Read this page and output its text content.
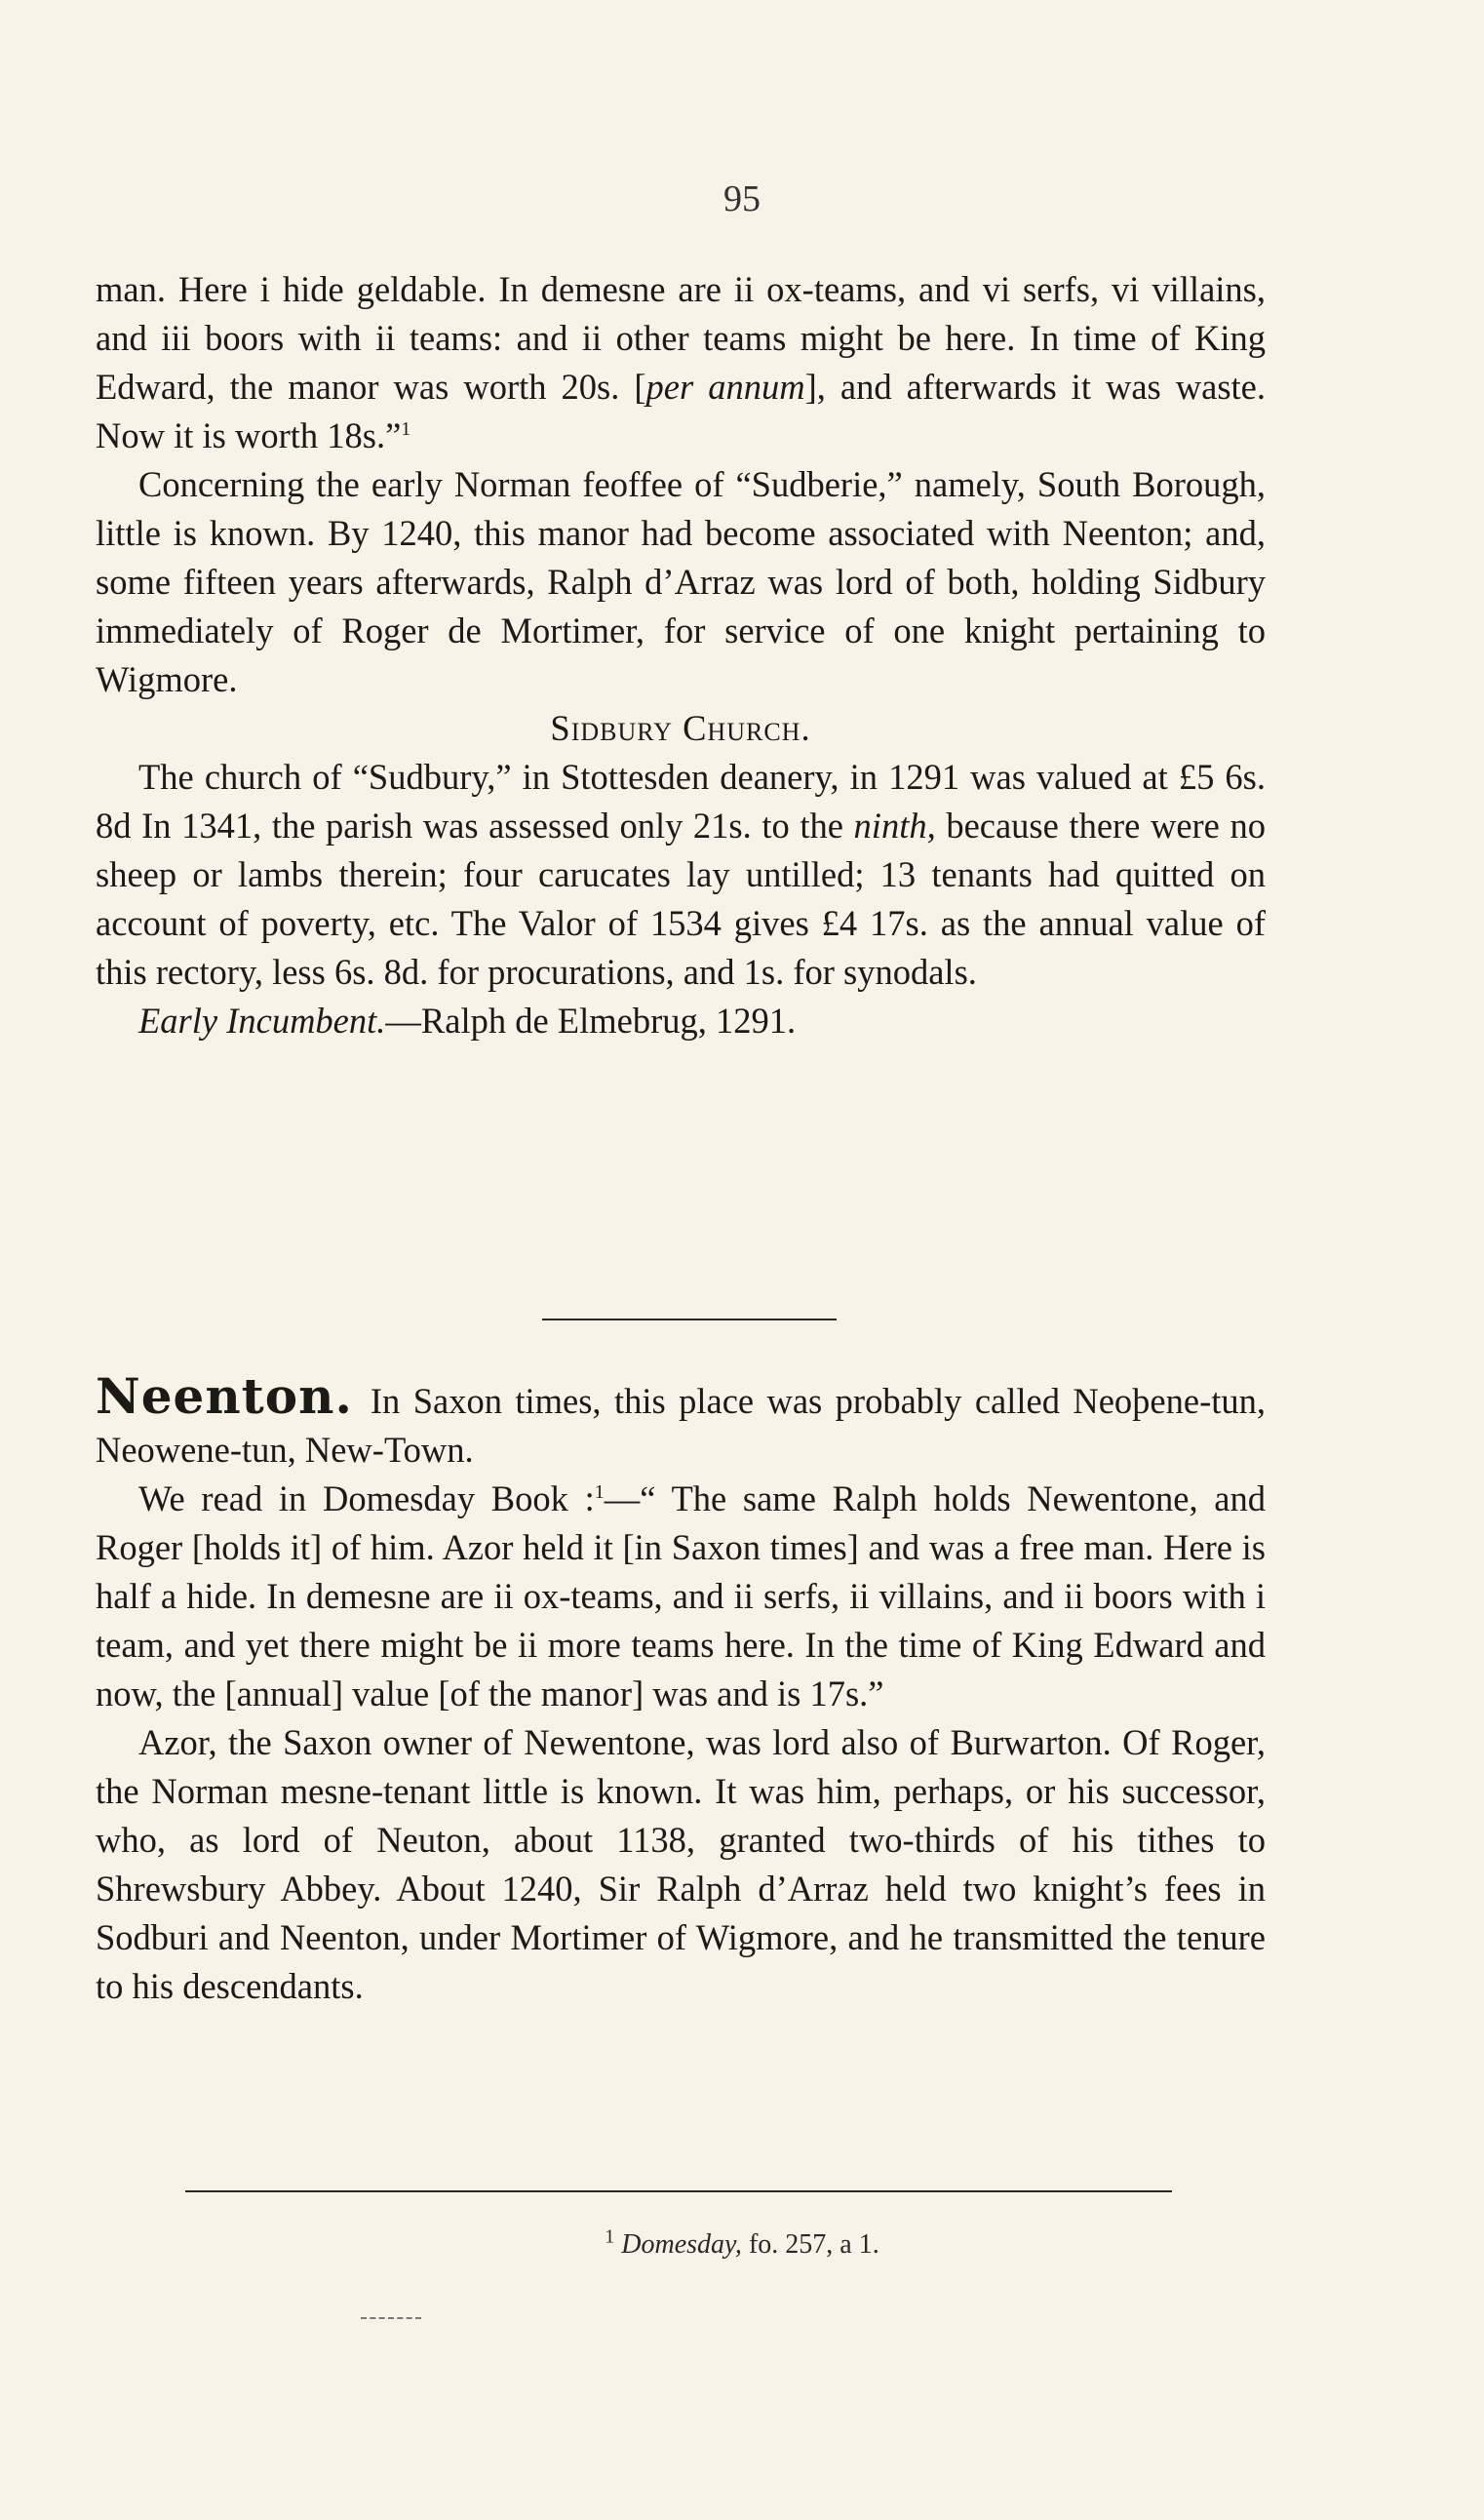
95

man. Here i hide geldable. In demesne are ii ox-teams, and vi serfs, vi villains, and iii boors with ii teams: and ii other teams might be here. In time of King Edward, the manor was worth 20s. [per annum], and afterwards it was waste. Now it is worth 18s.”$^1$

Concerning the early Norman feoffee of “Sudberie,” namely, South Borough, little is known. By 1240, this manor had become associated with Neenton; and, some fifteen years afterwards, Ralph d’Arraz was lord of both, holding Sidbury immediately of Roger de Mortimer, for service of one knight pertaining to Wigmore.

Sidbury Church.

The church of “Sudbury,” in Stottesden deanery, in 1291 was valued at £5 6s. 8d In 1341, the parish was assessed only 21s. to the ninth, because there were no sheep or lambs therein; four carucates lay untilled; 13 tenants had quitted on account of poverty, etc. The Valor of 1534 gives £4 17s. as the annual value of this rectory, less 6s. 8d. for procurations, and 1s. for synodals.

Early Incumbent.—Ralph de Elmebrug, 1291.

Neenton. In Saxon times, this place was probably called Neoþene-tun, Neowene-tun, New-Town.

We read in Domesday Book :$^1$—“ The same Ralph holds Newentone, and Roger [holds it] of him. Azor held it [in Saxon times] and was a free man. Here is half a hide. In demesne are ii ox-teams, and ii serfs, ii villains, and ii boors with i team, and yet there might be ii more teams here. In the time of King Edward and now, the [annual] value [of the manor] was and is 17s.”

Azor, the Saxon owner of Newentone, was lord also of Burwarton. Of Roger, the Norman mesne-tenant little is known. It was him, perhaps, or his successor, who, as lord of Neuton, about 1138, granted two-thirds of his tithes to Shrewsbury Abbey. About 1240, Sir Ralph d’Arraz held two knight’s fees in Sodburi and Neenton, under Mortimer of Wigmore, and he transmitted the tenure to his descendants.

$^1$ Domesday, fo. 257, a 1.
